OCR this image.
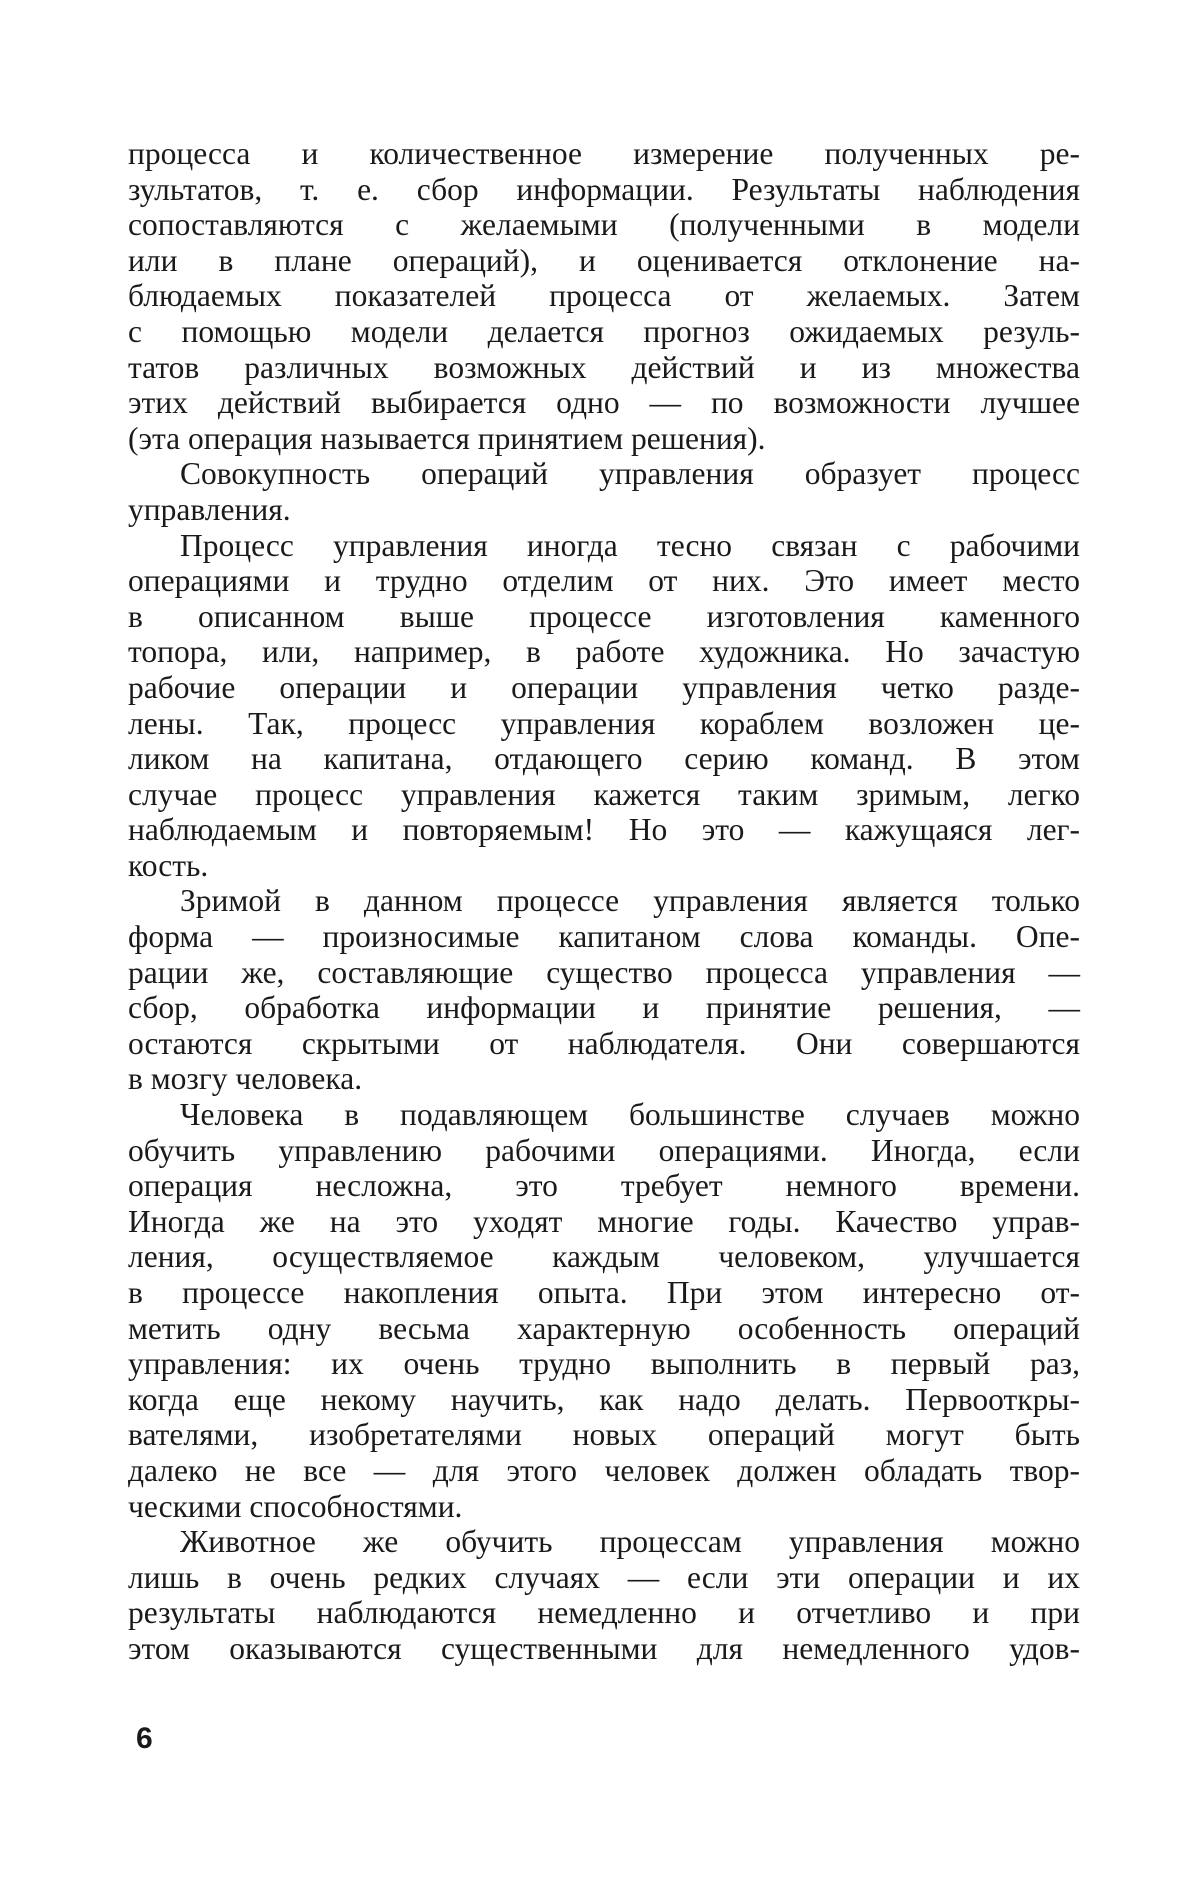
процесса и количественное измерение полученных ре-
зультатов, т. е. сбор информации. Результаты наблюдения
сопоставляются с желаемыми (полученными в модели
или в плане операций), и оценивается отклонение на-
блюдаемых показателей процесса от желаемых. Затем
с помощью модели делается прогноз ожидаемых резуль-
татов различных возможных действий и из множества
этих действий выбирается одно — по возможности лучшее
(эта операция называется принятием решения).
Совокупность операций управления образует процесс
управления.
Процесс управления иногда тесно связан с рабочими
операциями и трудно отделим от них. Это имеет место
в описанном выше процессе изготовления каменного
топора, или, например, в работе художника. Но зачастую
рабочие операции и операции управления четко разде-
лены. Так, процесс управления кораблем возложен це-
ликом на капитана, отдающего серию команд. В этом
случае процесс управления кажется таким зримым, легко
наблюдаемым и повторяемым! Но это — кажущаяся лег-
кость.
Зримой в данном процессе управления является только
форма — произносимые капитаном слова команды. Опе-
рации же, составляющие существо процесса управления —
сбор, обработка информации и принятие решения, —
остаются скрытыми от наблюдателя. Они совершаются
в мозгу человека.
Человека в подавляющем большинстве случаев можно
обучить управлению рабочими операциями. Иногда, если
операция несложна, это требует немного времени.
Иногда же на это уходят многие годы. Качество управ-
ления, осуществляемое каждым человеком, улучшается
в процессе накопления опыта. При этом интересно от-
метить одну весьма характерную особенность операций
управления: их очень трудно выполнить в первый раз,
когда еще некому научить, как надо делать. Первооткры-
вателями, изобретателями новых операций могут быть
далеко не все — для этого человек должен обладать твор-
ческими способностями.
Животное же обучить процессам управления можно
лишь в очень редких случаях — если эти операции и их
результаты наблюдаются немедленно и отчетливо и при
этом оказываются существенными для немедленного удов-
6
